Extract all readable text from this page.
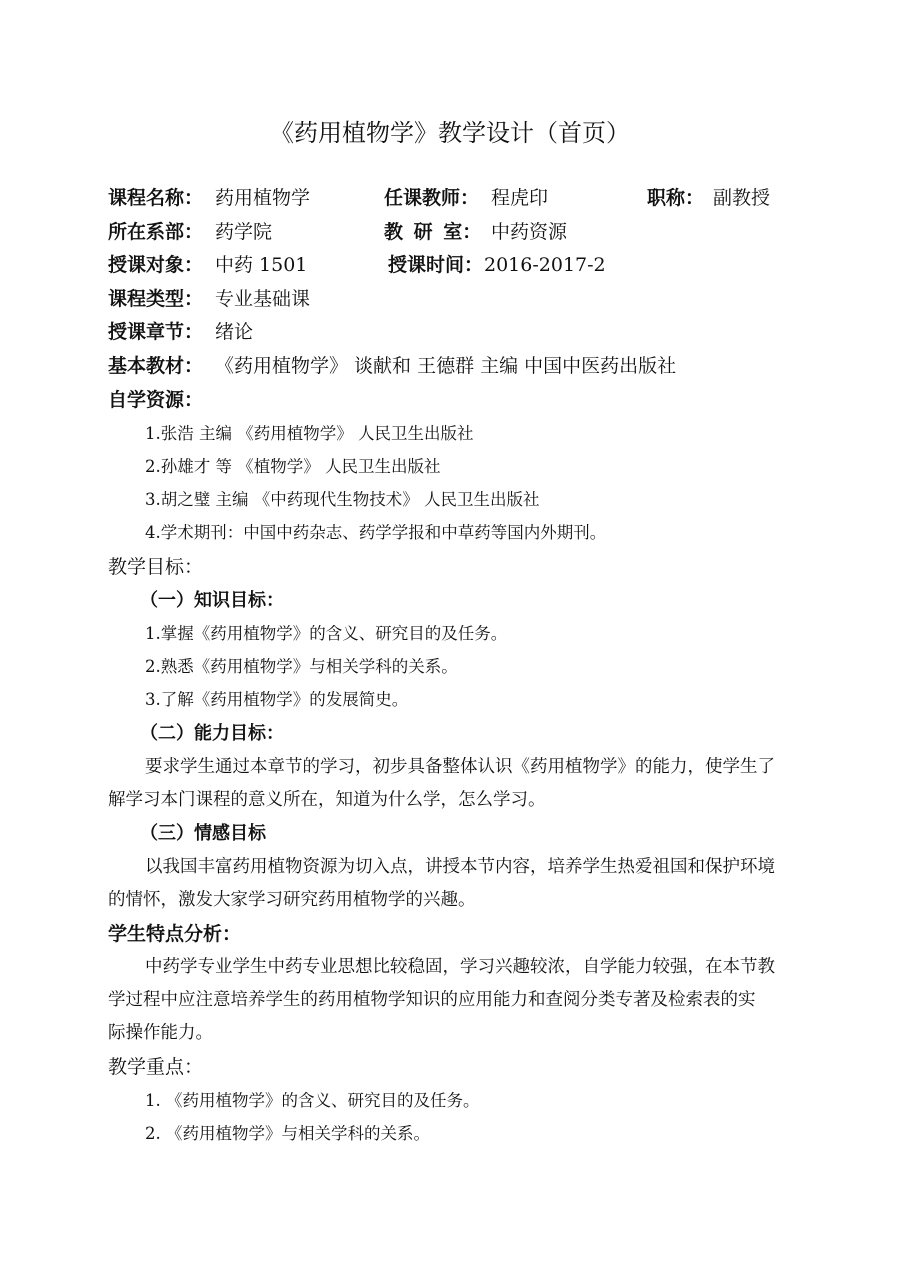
《药用植物学》教学设计（首页）
课程名称： 药用植物学	任课教师： 程虎印	职称： 副教授
所在系部： 药学院	教 研 室： 中药资源
授课对象： 中药 1501	授课时间： 2016-2017-2
课程类型： 专业基础课
授课章节： 绪论
基本教材： 《药用植物学》 谈献和 王德群 主编 中国中医药出版社
自学资源：
1.张浩 主编 《药用植物学》 人民卫生出版社
2.孙雄才 等 《植物学》 人民卫生出版社
3.胡之璧 主编 《中药现代生物技术》 人民卫生出版社
4.学术期刊：中国中药杂志、药学学报和中草药等国内外期刊。
教学目标：
（一）知识目标：
1.掌握《药用植物学》的含义、研究目的及任务。
2.熟悉《药用植物学》与相关学科的关系。
3.了解《药用植物学》的发展简史。
（二）能力目标：
要求学生通过本章节的学习，初步具备整体认识《药用植物学》的能力，使学生了
解学习本门课程的意义所在，知道为什么学，怎么学习。
（三）情感目标
以我国丰富药用植物资源为切入点，讲授本节内容，培养学生热爱祖国和保护环境
的情怀，激发大家学习研究药用植物学的兴趣。
学生特点分析：
中药学专业学生中药专业思想比较稳固，学习兴趣较浓，自学能力较强，在本节教
学过程中应注意培养学生的药用植物学知识的应用能力和查阅分类专著及检索表的实
际操作能力。
教学重点：
1. 《药用植物学》的含义、研究目的及任务。
2. 《药用植物学》与相关学科的关系。
